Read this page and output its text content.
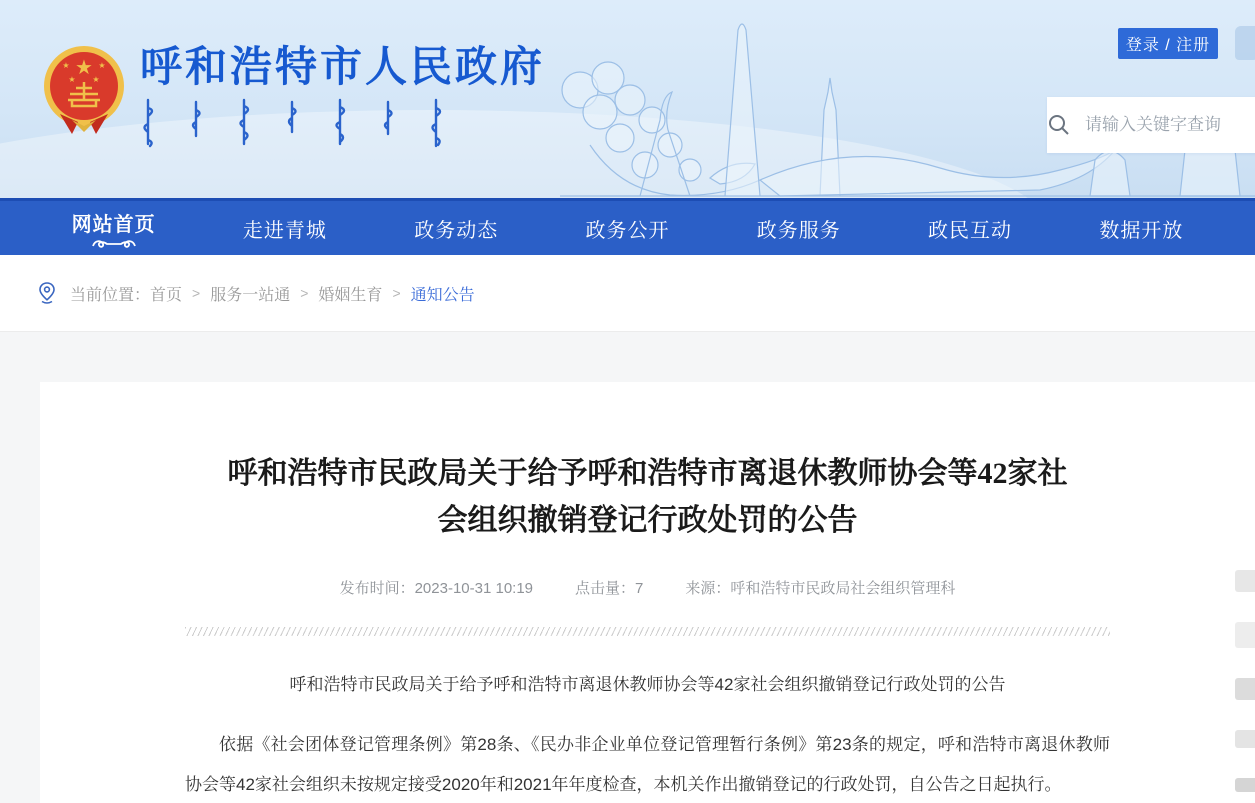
★
★	★
★ ★ 呼和浩特市人民政府	登录 / 注册
请输入关键字查询
网站首页	走进青城	政务动态	政务公开	政务服务	政民互动	数据开放
当前位置： 首页 > 服务一站通 > 婚姻生育 > 通知公告
呼和浩特市民政局关于给予呼和浩特市离退休教师协会等42家社会组织撤销登记行政处罚的公告
发布时间：2023-10-31 10:19	点击量：7	来源：呼和浩特市民政局社会组织管理科

呼和浩特市民政局关于给予呼和浩特市离退休教师协会等42家社会组织撤销登记行政处罚的公告

依据《社会团体登记管理条例》第28条、《民办非企业单位登记管理暂行条例》第23条的规定，呼和浩特市离退休教师协会等42家社会组织未按规定接受2020年和2021年年度检查，本机关作出撤销登记的行政处罚，自公告之日起执行。
